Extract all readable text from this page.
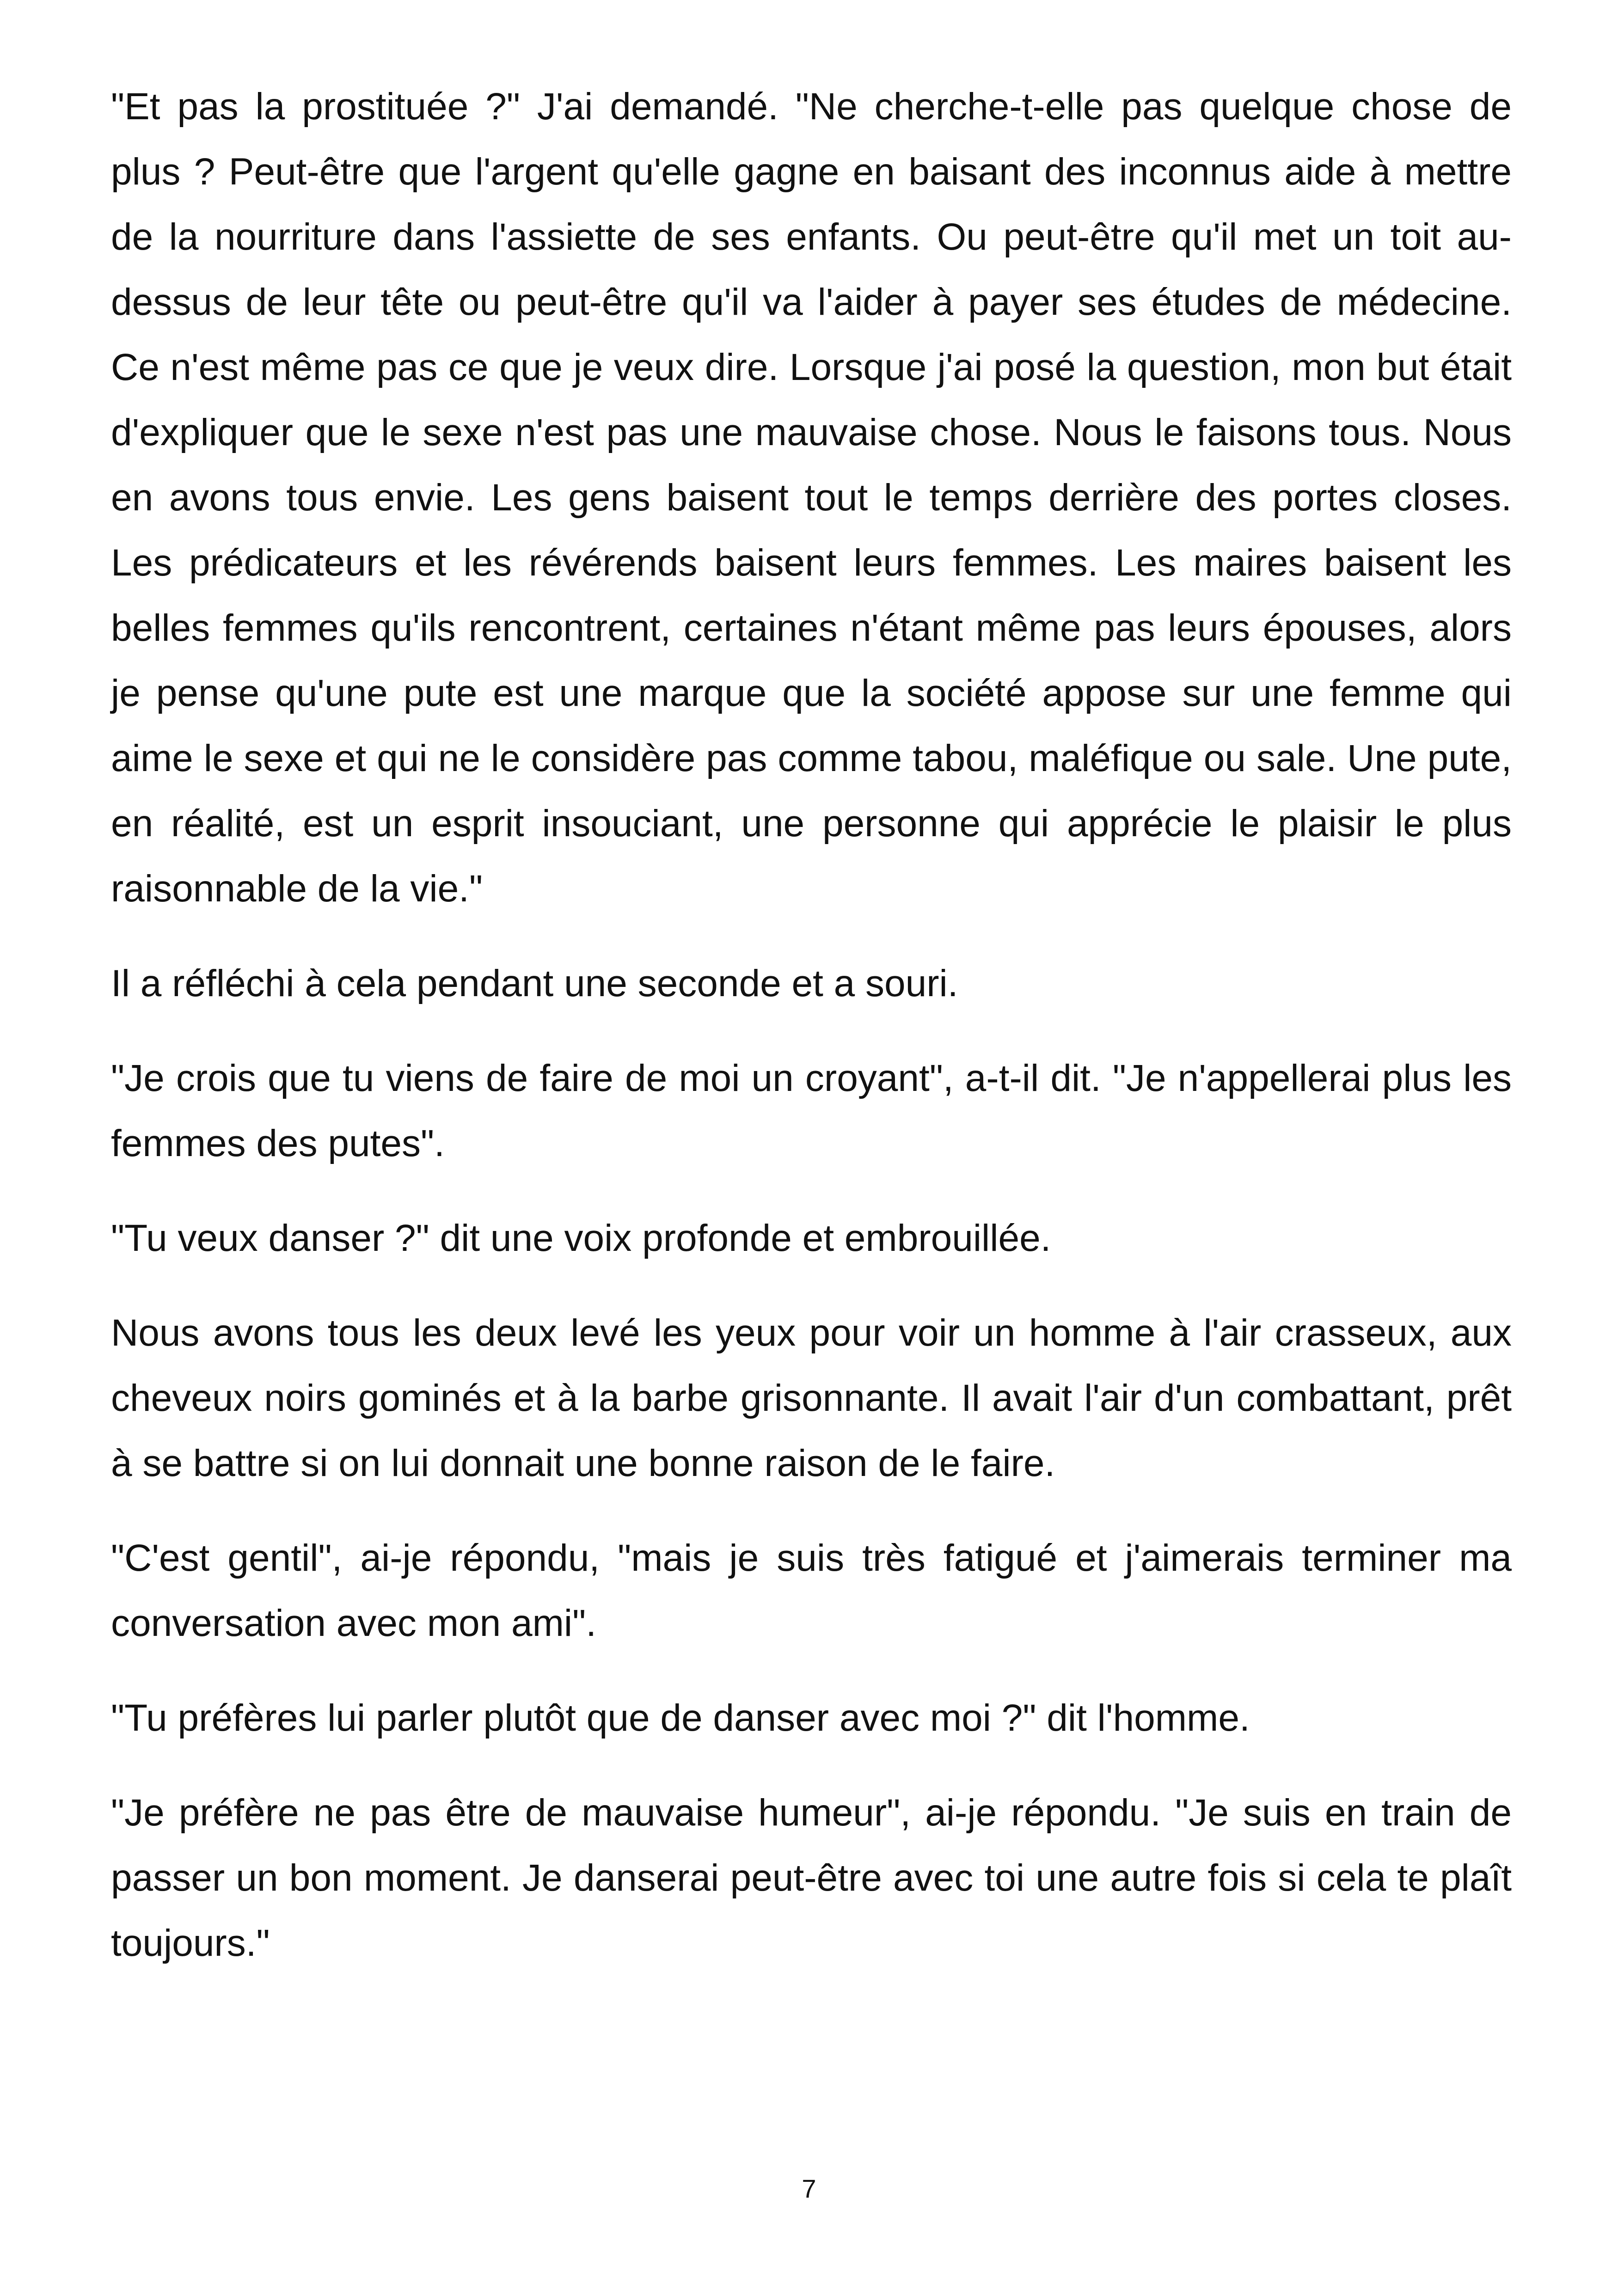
"Et pas la prostituée ?" J'ai demandé. "Ne cherche-t-elle pas quelque chose de plus ? Peut-être que l'argent qu'elle gagne en baisant des inconnus aide à mettre de la nourriture dans l'assiette de ses enfants. Ou peut-être qu'il met un toit au-dessus de leur tête ou peut-être qu'il va l'aider à payer ses études de médecine. Ce n'est même pas ce que je veux dire. Lorsque j'ai posé la question, mon but était d'expliquer que le sexe n'est pas une mauvaise chose. Nous le faisons tous. Nous en avons tous envie. Les gens baisent tout le temps derrière des portes closes. Les prédicateurs et les révérends baisent leurs femmes. Les maires baisent les belles femmes qu'ils rencontrent, certaines n'étant même pas leurs épouses, alors je pense qu'une pute est une marque que la société appose sur une femme qui aime le sexe et qui ne le considère pas comme tabou, maléfique ou sale. Une pute, en réalité, est un esprit insouciant, une personne qui apprécie le plaisir le plus raisonnable de la vie."

Il a réfléchi à cela pendant une seconde et a souri.

"Je crois que tu viens de faire de moi un croyant", a-t-il dit. "Je n'appellerai plus les femmes des putes".

"Tu veux danser ?" dit une voix profonde et embrouillée.

Nous avons tous les deux levé les yeux pour voir un homme à l'air crasseux, aux cheveux noirs gominés et à la barbe grisonnante. Il avait l'air d'un combattant, prêt à se battre si on lui donnait une bonne raison de le faire.

"C'est gentil", ai-je répondu, "mais je suis très fatigué et j'aimerais terminer ma conversation avec mon ami".

"Tu préfères lui parler plutôt que de danser avec moi ?" dit l'homme.

"Je préfère ne pas être de mauvaise humeur", ai-je répondu. "Je suis en train de passer un bon moment. Je danserai peut-être avec toi une autre fois si cela te plaît toujours."

7
